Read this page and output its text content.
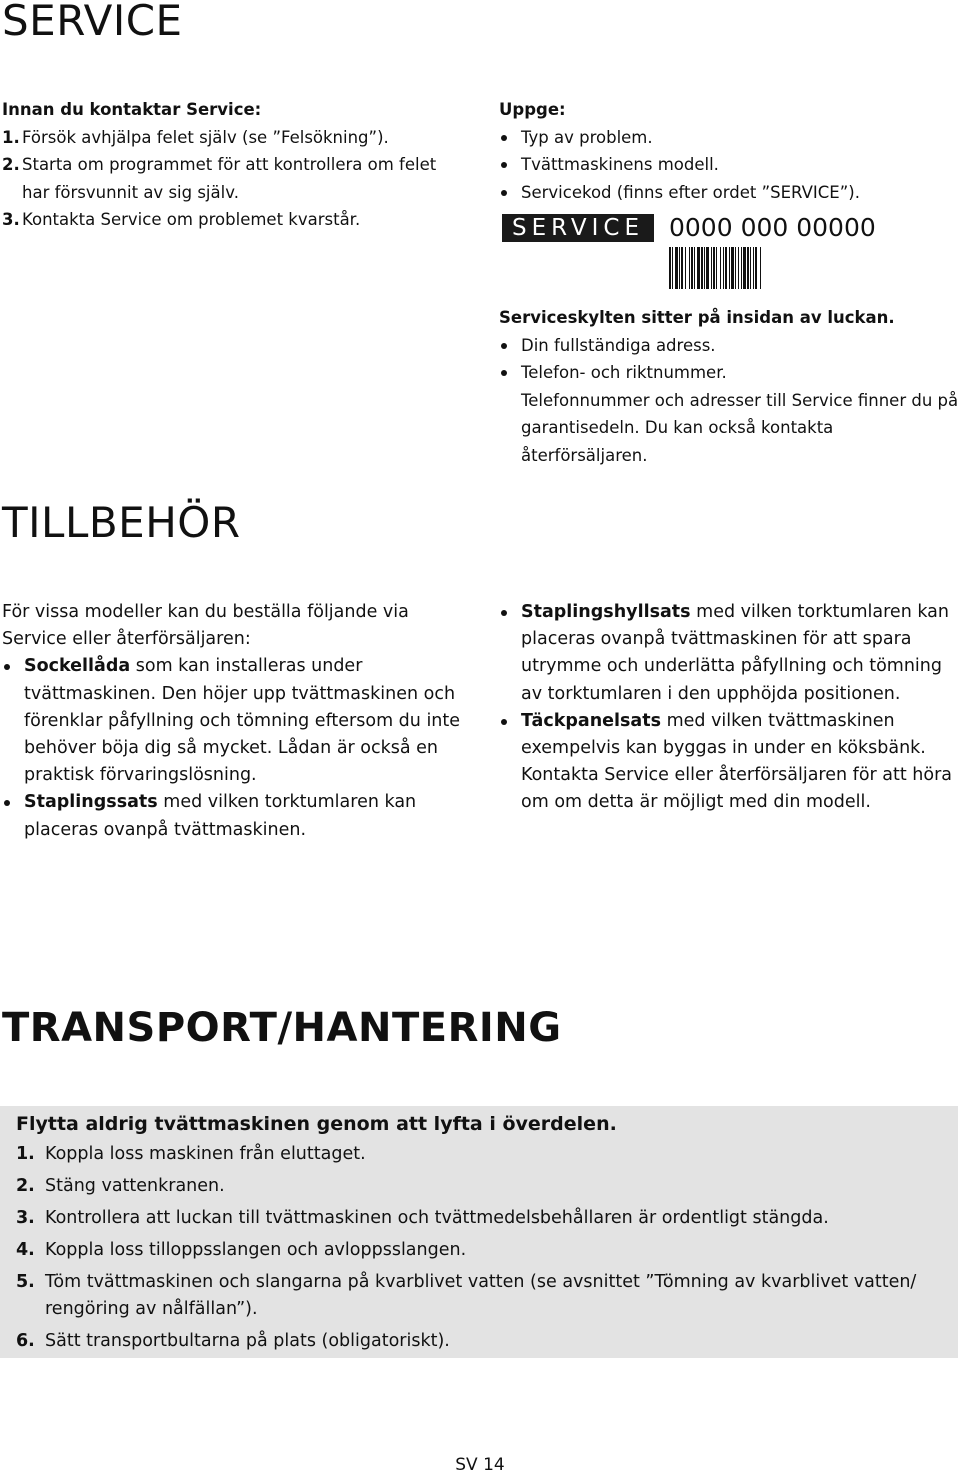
SERVICE
Innan du kontaktar Service:
1. Försök avhjälpa felet själv (se ”Felsökning”).
2. Starta om programmet för att kontrollera om felet har försvunnit av sig själv.
3. Kontakta Service om problemet kvarstår.
Uppge:
Typ av problem.
Tvättmaskinens modell.
Servicekod (finns efter ordet ”SERVICE”).
SERVICE	0000 000 00000
Serviceskylten sitter på insidan av luckan.
Din fullständiga adress.
Telefon- och riktnummer.
Telefonnummer och adresser till Service finner du på garantisedeln. Du kan också kontakta återförsäljaren.
TILLBEHÖR
För vissa modeller kan du beställa följande via Service eller återförsäljaren:
Sockellåda som kan installeras under tvättmaskinen. Den höjer upp tvättmaskinen och förenklar påfyllning och tömning eftersom du inte behöver böja dig så mycket. Lådan är också en praktisk förvaringslösning.
Staplingssats med vilken torktumlaren kan placeras ovanpå tvättmaskinen.
Staplingshyllsats med vilken torktumlaren kan placeras ovanpå tvättmaskinen för att spara utrymme och underlätta påfyllning och tömning av torktumlaren i den upphöjda positionen.
Täckpanelsats med vilken tvättmaskinen exempelvis kan byggas in under en köksbänk. Kontakta Service eller återförsäljaren för att höra om om detta är möjligt med din modell.
TRANSPORT/HANTERING
Flytta aldrig tvättmaskinen genom att lyfta i överdelen.
1. Koppla loss maskinen från eluttaget.
2. Stäng vattenkranen.
3. Kontrollera att luckan till tvättmaskinen och tvättmedelsbehållaren är ordentligt stängda.
4. Koppla loss tilloppsslangen och avloppsslangen.
5. Töm tvättmaskinen och slangarna på kvarblivet vatten (se avsnittet ”Tömning av kvarblivet vatten/ rengöring av nålfällan”).
6. Sätt transportbultarna på plats (obligatoriskt).
SV 14
